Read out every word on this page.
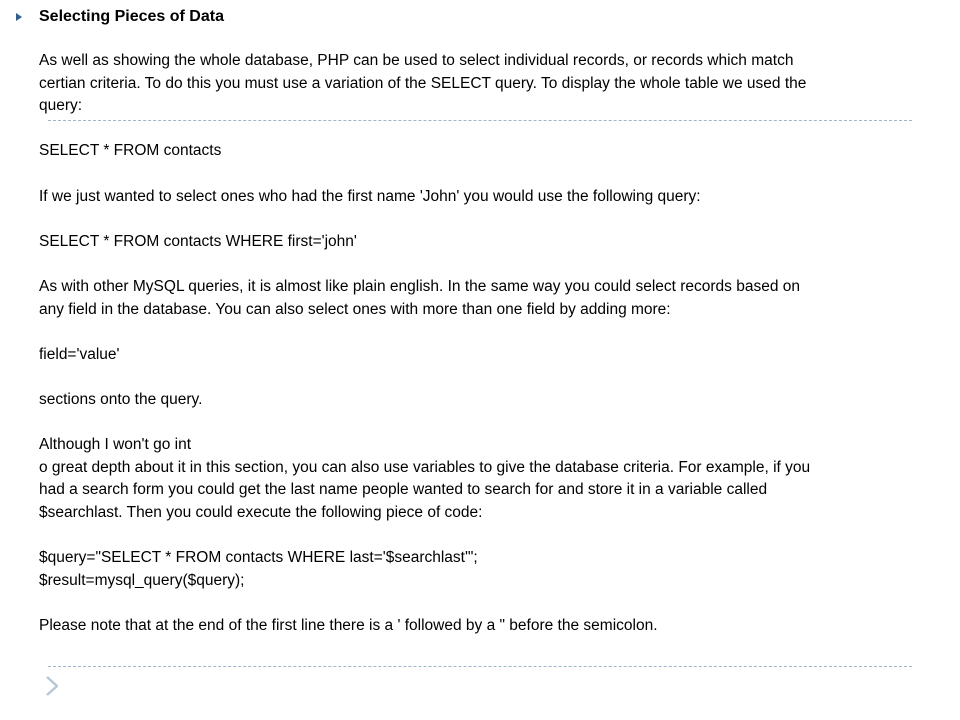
Selecting Pieces of Data
As well as showing the whole database, PHP can be used to select individual records, or records which match
certian criteria. To do this you must use a variation of the SELECT query. To display the whole table we used the
query:
SELECT * FROM contacts
If we just wanted to select ones who had the first name 'John' you would use the following query:
SELECT * FROM contacts WHERE first='john'
As with other MySQL queries, it is almost like plain english. In the same way you could select records based on
any field in the database. You can also select ones with more than one field by adding more:
field='value'
sections onto the query.
Although I won't go int
o great depth about it in this section, you can also use variables to give the database criteria. For example, if you
had a search form you could get the last name people wanted to search for and store it in a variable called
$searchlast. Then you could execute the following piece of code:
$query="SELECT * FROM contacts WHERE last='$searchlast'";
$result=mysql_query($query);
Please note that at the end of the first line there is a ' followed by a " before the semicolon.
